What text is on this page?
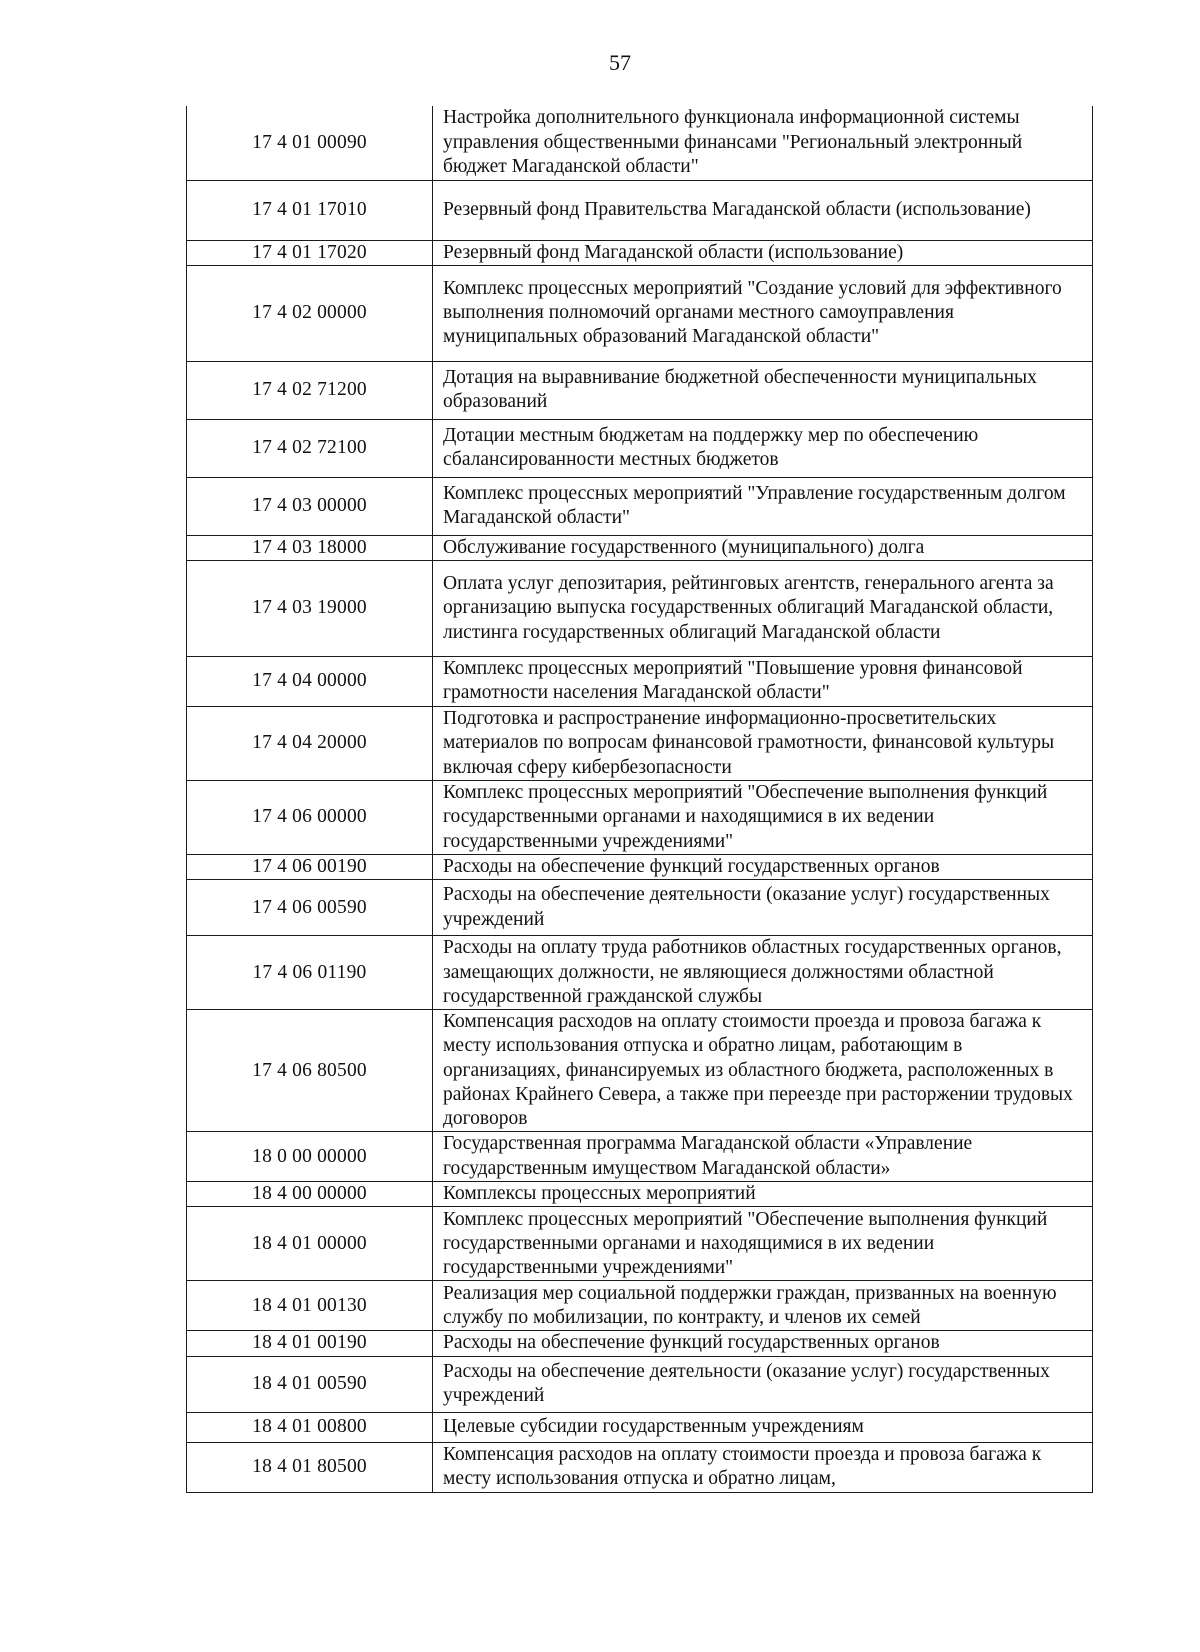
57
17 4 01 00090	Настройка дополнительного функционала информационной системы управления общественными финансами "Региональный электронный бюджет Магаданской области"
17 4 01 17010	Резервный фонд Правительства Магаданской области (использование)
17 4 01 17020	Резервный фонд Магаданской области (использование)
17 4 02 00000	Комплекс процессных мероприятий "Создание условий для эффективного выполнения полномочий органами местного самоуправления муниципальных образований Магаданской области"
17 4 02 71200	Дотация на выравнивание бюджетной обеспеченности муниципальных образований
17 4 02 72100	Дотации местным бюджетам на поддержку мер по обеспечению сбалансированности местных бюджетов
17 4 03 00000	Комплекс процессных мероприятий "Управление государственным долгом Магаданской области"
17 4 03 18000	Обслуживание государственного (муниципального) долга
17 4 03 19000	Оплата услуг депозитария, рейтинговых агентств, генерального агента за организацию выпуска государственных облигаций Магаданской области, листинга государственных облигаций Магаданской области
17 4 04 00000	Комплекс процессных мероприятий "Повышение уровня финансовой грамотности населения Магаданской области"
17 4 04 20000	Подготовка и распространение информационно-просветительских материалов по вопросам финансовой грамотности, финансовой культуры включая сферу кибербезопасности
17 4 06 00000	Комплекс процессных мероприятий "Обеспечение выполнения функций государственными органами и находящимися в их ведении государственными учреждениями"
17 4 06 00190	Расходы на обеспечение функций государственных органов
17 4 06 00590	Расходы на обеспечение деятельности (оказание услуг) государственных учреждений
17 4 06 01190	Расходы на оплату труда работников областных государственных органов, замещающих должности, не являющиеся должностями областной государственной гражданской службы
17 4 06 80500	Компенсация расходов на оплату стоимости проезда и провоза багажа к месту использования отпуска и обратно лицам, работающим в организациях, финансируемых из областного бюджета, расположенных в районах Крайнего Севера, а также при переезде при расторжении трудовых договоров
18 0 00 00000	Государственная программа Магаданской области «Управление государственным имуществом Магаданской области»
18 4 00 00000	Комплексы процессных мероприятий
18 4 01 00000	Комплекс процессных мероприятий "Обеспечение выполнения функций государственными органами и находящимися в их ведении государственными учреждениями"
18 4 01 00130	Реализация мер социальной поддержки граждан, призванных на военную службу по мобилизации, по контракту, и членов их семей
18 4 01 00190	Расходы на обеспечение функций государственных органов
18 4 01 00590	Расходы на обеспечение деятельности (оказание услуг) государственных учреждений
18 4 01 00800	Целевые субсидии государственным учреждениям
18 4 01 80500	Компенсация расходов на оплату стоимости проезда и провоза багажа к месту использования отпуска и обратно лицам,
